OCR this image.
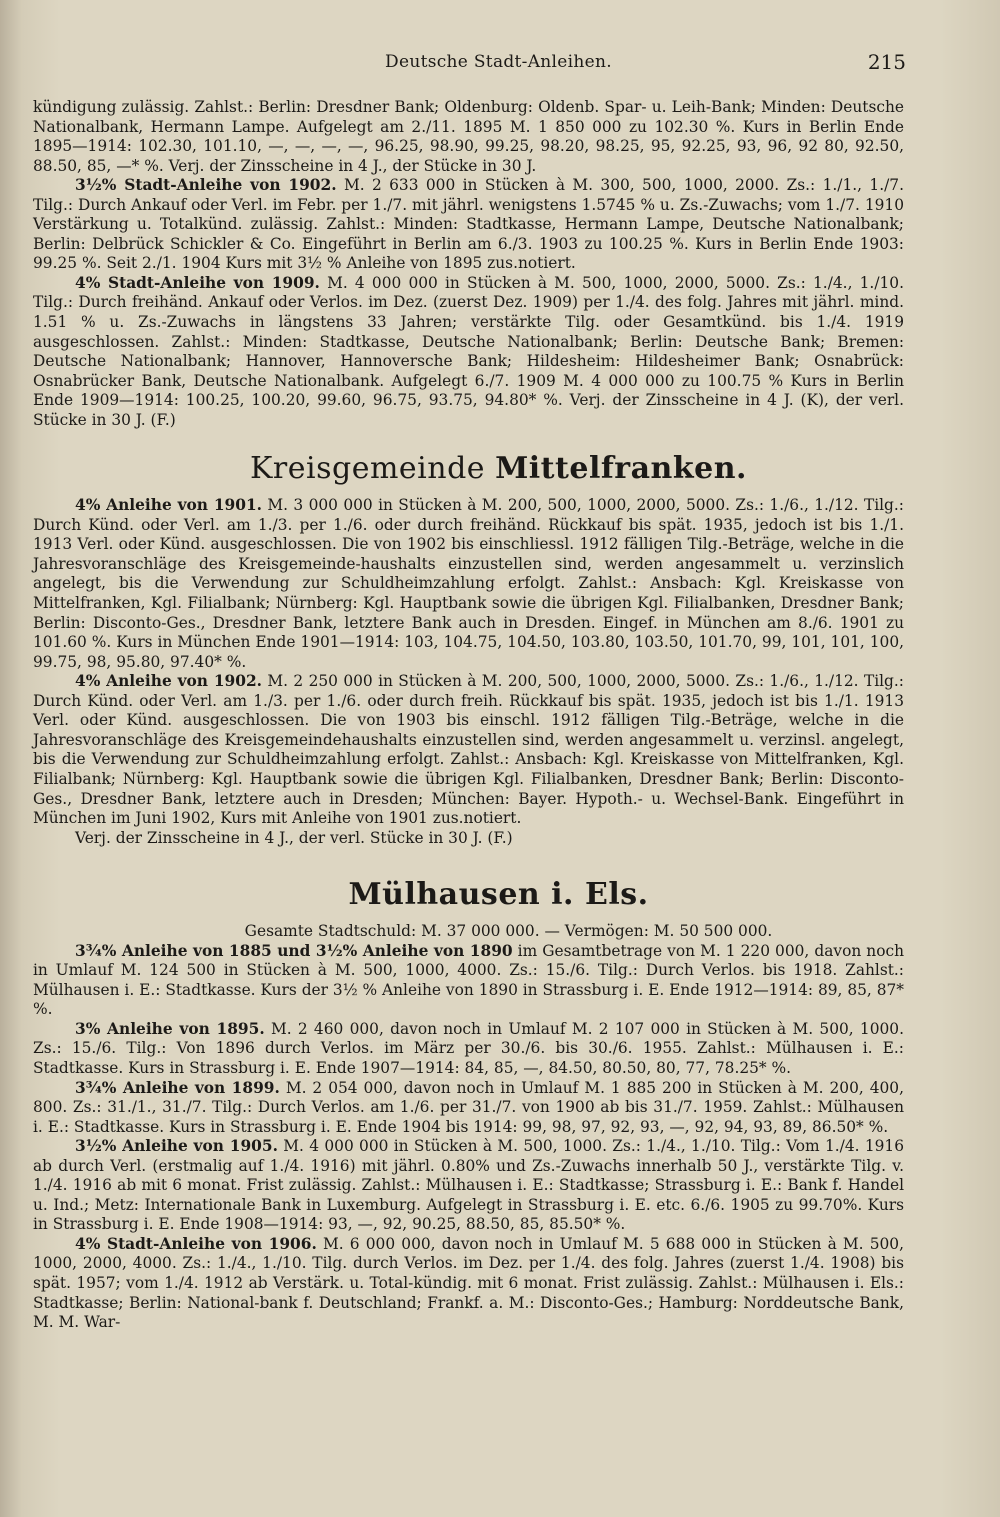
Deutsche Stadt-Anleihen.	215

kündigung zulässig. Zahlst.: Berlin: Dresdner Bank; Oldenburg: Oldenb. Spar- u. Leih-Bank; Minden: Deutsche Nationalbank, Hermann Lampe. Aufgelegt am 2./11. 1895 M. 1 850 000 zu 102.30 %. Kurs in Berlin Ende 1895—1914: 102.30, 101.10, —, —, —, —, 96.25, 98.90, 99.25, 98.20, 98.25, 95, 92.25, 93, 96, 92 80, 92.50, 88.50, 85, —* %. Verj. der Zinsscheine in 4 J., der Stücke in 30 J.

3½% Stadt-Anleihe von 1902. M. 2 633 000 in Stücken à M. 300, 500, 1000, 2000. Zs.: 1./1., 1./7. Tilg.: Durch Ankauf oder Verl. im Febr. per 1./7. mit jährl. wenigstens 1.5745 % u. Zs.-Zuwachs; vom 1./7. 1910 Verstärkung u. Totalkünd. zulässig. Zahlst.: Minden: Stadtkasse, Hermann Lampe, Deutsche Nationalbank; Berlin: Delbrück Schickler & Co. Eingeführt in Berlin am 6./3. 1903 zu 100.25 %. Kurs in Berlin Ende 1903: 99.25 %. Seit 2./1. 1904 Kurs mit 3½ % Anleihe von 1895 zus.notiert.

4% Stadt-Anleihe von 1909. M. 4 000 000 in Stücken à M. 500, 1000, 2000, 5000. Zs.: 1./4., 1./10. Tilg.: Durch freihänd. Ankauf oder Verlos. im Dez. (zuerst Dez. 1909) per 1./4. des folg. Jahres mit jährl. mind. 1.51 % u. Zs.-Zuwachs in längstens 33 Jahren; verstärkte Tilg. oder Gesamtkünd. bis 1./4. 1919 ausgeschlossen. Zahlst.: Minden: Stadtkasse, Deutsche Nationalbank; Berlin: Deutsche Bank; Bremen: Deutsche Nationalbank; Hannover, Hannoversche Bank; Hildesheim: Hildesheimer Bank; Osnabrück: Osnabrücker Bank, Deutsche Nationalbank. Aufgelegt 6./7. 1909 M. 4 000 000 zu 100.75 % Kurs in Berlin Ende 1909—1914: 100.25, 100.20, 99.60, 96.75, 93.75, 94.80* %. Verj. der Zinsscheine in 4 J. (K), der verl. Stücke in 30 J. (F.)

Kreisgemeinde Mittelfranken.

4% Anleihe von 1901. M. 3 000 000 in Stücken à M. 200, 500, 1000, 2000, 5000. Zs.: 1./6., 1./12. Tilg.: Durch Künd. oder Verl. am 1./3. per 1./6. oder durch freihänd. Rückkauf bis spät. 1935, jedoch ist bis 1./1. 1913 Verl. oder Künd. ausgeschlossen. Die von 1902 bis einschliessl. 1912 fälligen Tilg.-Beträge, welche in die Jahresvoranschläge des Kreisgemeinde-haushalts einzustellen sind, werden angesammelt u. verzinslich angelegt, bis die Verwendung zur Schuldheimzahlung erfolgt. Zahlst.: Ansbach: Kgl. Kreiskasse von Mittelfranken, Kgl. Filialbank; Nürnberg: Kgl. Hauptbank sowie die übrigen Kgl. Filialbanken, Dresdner Bank; Berlin: Disconto-Ges., Dresdner Bank, letztere Bank auch in Dresden. Eingef. in München am 8./6. 1901 zu 101.60 %. Kurs in München Ende 1901—1914: 103, 104.75, 104.50, 103.80, 103.50, 101.70, 99, 101, 101, 100, 99.75, 98, 95.80, 97.40* %.

4% Anleihe von 1902. M. 2 250 000 in Stücken à M. 200, 500, 1000, 2000, 5000. Zs.: 1./6., 1./12. Tilg.: Durch Künd. oder Verl. am 1./3. per 1./6. oder durch freih. Rückkauf bis spät. 1935, jedoch ist bis 1./1. 1913 Verl. oder Künd. ausgeschlossen. Die von 1903 bis einschl. 1912 fälligen Tilg.-Beträge, welche in die Jahresvoranschläge des Kreisgemeindehaushalts einzustellen sind, werden angesammelt u. verzinsl. angelegt, bis die Verwendung zur Schuldheimzahlung erfolgt. Zahlst.: Ansbach: Kgl. Kreiskasse von Mittelfranken, Kgl. Filialbank; Nürnberg: Kgl. Hauptbank sowie die übrigen Kgl. Filialbanken, Dresdner Bank; Berlin: Disconto-Ges., Dresdner Bank, letztere auch in Dresden; München: Bayer. Hypoth.- u. Wechsel-Bank. Eingeführt in München im Juni 1902, Kurs mit Anleihe von 1901 zus.notiert.

Verj. der Zinsscheine in 4 J., der verl. Stücke in 30 J. (F.)

Mülhausen i. Els.

Gesamte Stadtschuld: M. 37 000 000. — Vermögen: M. 50 500 000.

3¾% Anleihe von 1885 und 3½% Anleihe von 1890 im Gesamtbetrage von M. 1 220 000, davon noch in Umlauf M. 124 500 in Stücken à M. 500, 1000, 4000. Zs.: 15./6. Tilg.: Durch Verlos. bis 1918. Zahlst.: Mülhausen i. E.: Stadtkasse. Kurs der 3½ % Anleihe von 1890 in Strassburg i. E. Ende 1912—1914: 89, 85, 87* %.

3% Anleihe von 1895. M. 2 460 000, davon noch in Umlauf M. 2 107 000 in Stücken à M. 500, 1000. Zs.: 15./6. Tilg.: Von 1896 durch Verlos. im März per 30./6. bis 30./6. 1955. Zahlst.: Mülhausen i. E.: Stadtkasse. Kurs in Strassburg i. E. Ende 1907—1914: 84, 85, —, 84.50, 80.50, 80, 77, 78.25* %.

3¾% Anleihe von 1899. M. 2 054 000, davon noch in Umlauf M. 1 885 200 in Stücken à M. 200, 400, 800. Zs.: 31./1., 31./7. Tilg.: Durch Verlos. am 1./6. per 31./7. von 1900 ab bis 31./7. 1959. Zahlst.: Mülhausen i. E.: Stadtkasse. Kurs in Strassburg i. E. Ende 1904 bis 1914: 99, 98, 97, 92, 93, —, 92, 94, 93, 89, 86.50* %.

3½% Anleihe von 1905. M. 4 000 000 in Stücken à M. 500, 1000. Zs.: 1./4., 1./10. Tilg.: Vom 1./4. 1916 ab durch Verl. (erstmalig auf 1./4. 1916) mit jährl. 0.80% und Zs.-Zuwachs innerhalb 50 J., verstärkte Tilg. v. 1./4. 1916 ab mit 6 monat. Frist zulässig. Zahlst.: Mülhausen i. E.: Stadtkasse; Strassburg i. E.: Bank f. Handel u. Ind.; Metz: Internationale Bank in Luxemburg. Aufgelegt in Strassburg i. E. etc. 6./6. 1905 zu 99.70%. Kurs in Strassburg i. E. Ende 1908—1914: 93, —, 92, 90.25, 88.50, 85, 85.50* %.

4% Stadt-Anleihe von 1906. M. 6 000 000, davon noch in Umlauf M. 5 688 000 in Stücken à M. 500, 1000, 2000, 4000. Zs.: 1./4., 1./10. Tilg. durch Verlos. im Dez. per 1./4. des folg. Jahres (zuerst 1./4. 1908) bis spät. 1957; vom 1./4. 1912 ab Verstärk. u. Total-kündig. mit 6 monat. Frist zulässig. Zahlst.: Mülhausen i. Els.: Stadtkasse; Berlin: National-bank f. Deutschland; Frankf. a. M.: Disconto-Ges.; Hamburg: Norddeutsche Bank, M. M. War-
